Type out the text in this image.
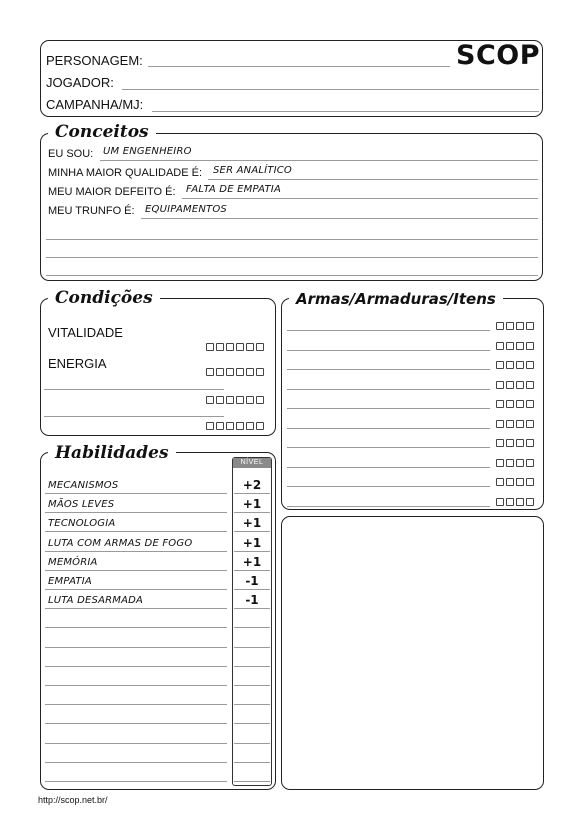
SCOP
PERSONAGEM:
JOGADOR:
CAMPANHA/MJ:
Conceitos
EU SOU: UM ENGENHEIRO
MINHA MAIOR QUALIDADE É: SER ANALÍTICO
MEU MAIOR DEFEITO É: FALTA DE EMPATIA
MEU TRUNFO É: EQUIPAMENTOS
Condições
VITALIDADE
ENERGIA
Armas/Armaduras/Itens
Habilidades	NÍVEL
MECANISMOS	+2
MÃOS LEVES	+1
TECNOLOGIA	+1
LUTA COM ARMAS DE FOGO	+1
MEMÓRIA	+1
EMPATIA	-1
LUTA DESARMADA	-1
http://scop.net.br/
